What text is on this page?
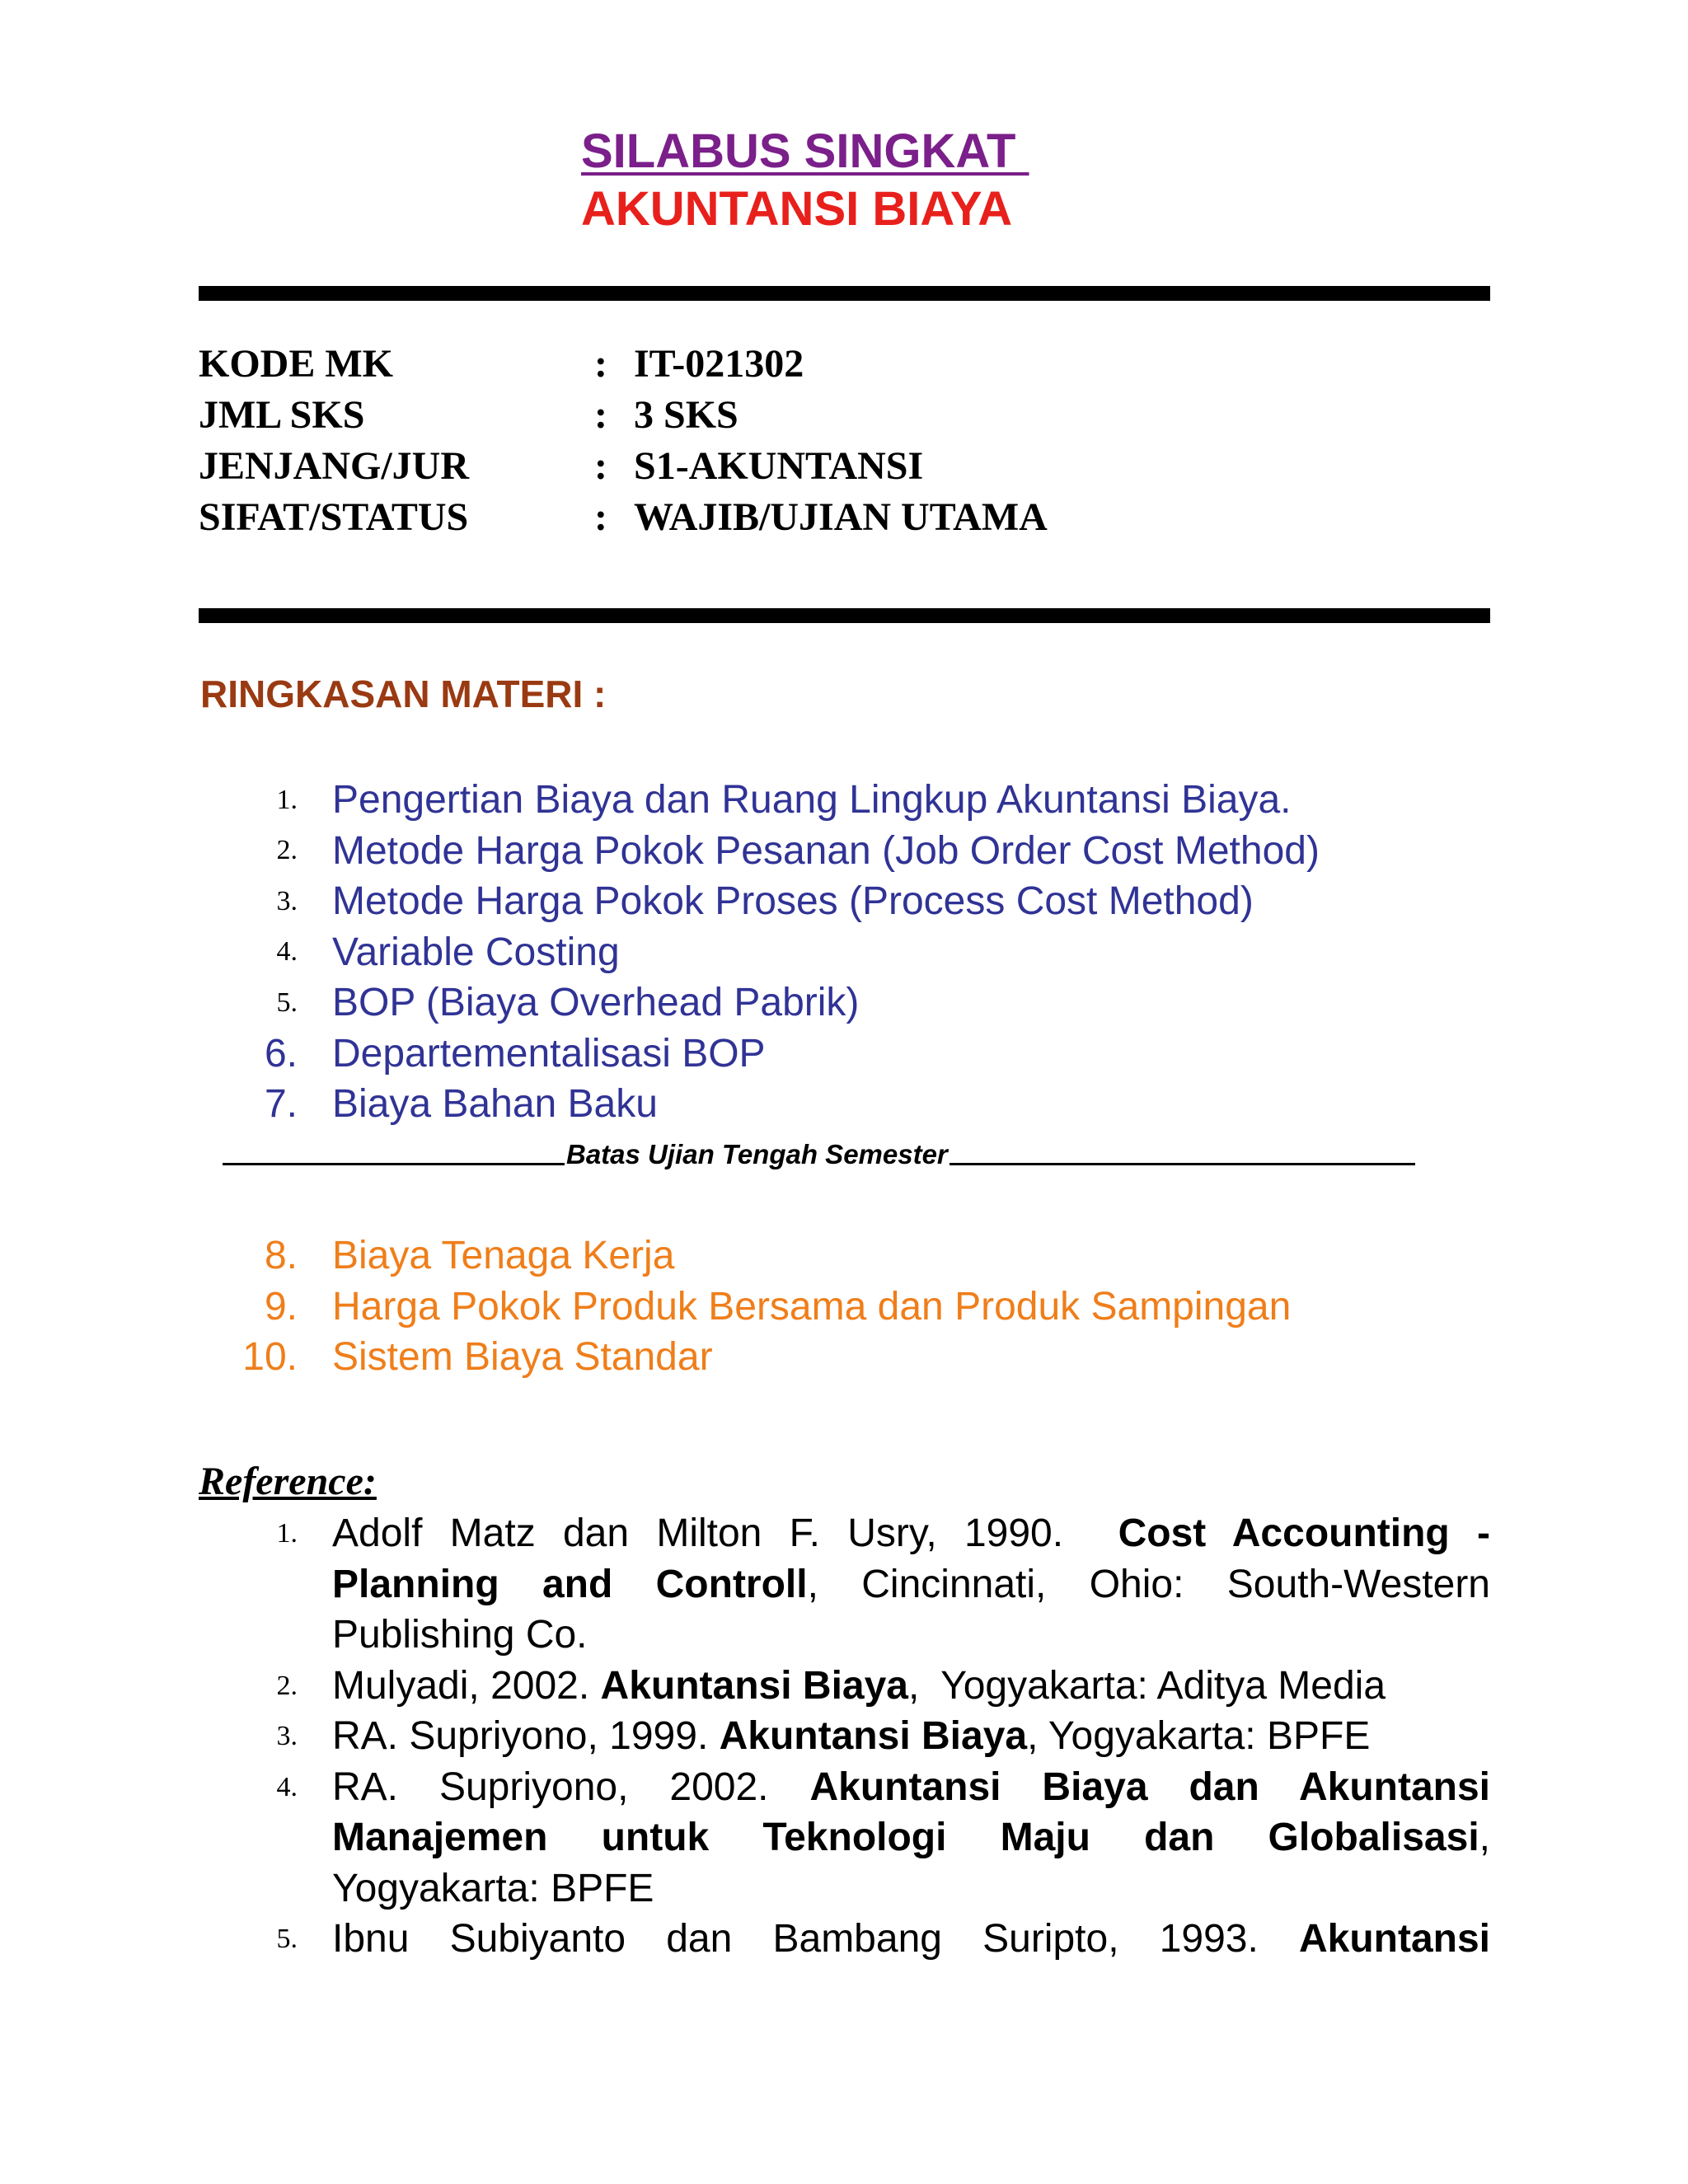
SILABUS SINGKAT
AKUNTANSI BIAYA
KODE MK	: IT-021302
JML SKS	: 3 SKS
JENJANG/JUR	: S1-AKUNTANSI
SIFAT/STATUS	: WAJIB/UJIAN UTAMA
RINGKASAN MATERI :
1. Pengertian Biaya dan Ruang Lingkup Akuntansi Biaya.
2. Metode Harga Pokok Pesanan (Job Order Cost Method)
3. Metode Harga Pokok Proses (Process Cost Method)
4. Variable Costing
5. BOP (Biaya Overhead Pabrik)
6. Departementalisasi BOP
7. Biaya Bahan Baku
Batas Ujian Tengah Semester
8. Biaya Tenaga Kerja
9. Harga Pokok Produk Bersama dan Produk Sampingan
10. Sistem Biaya Standar
Reference:
1. Adolf Matz dan Milton F. Usry, 1990.  Cost Accounting - Planning and Controll, Cincinnati, Ohio: South-Western Publishing Co.
2. Mulyadi, 2002. Akuntansi Biaya,  Yogyakarta: Aditya Media
3. RA. Supriyono, 1999. Akuntansi Biaya, Yogyakarta: BPFE
4. RA. Supriyono, 2002. Akuntansi Biaya dan Akuntansi Manajemen untuk Teknologi Maju dan Globalisasi, Yogyakarta: BPFE
5. Ibnu Subiyanto dan Bambang Suripto, 1993. Akuntansi
